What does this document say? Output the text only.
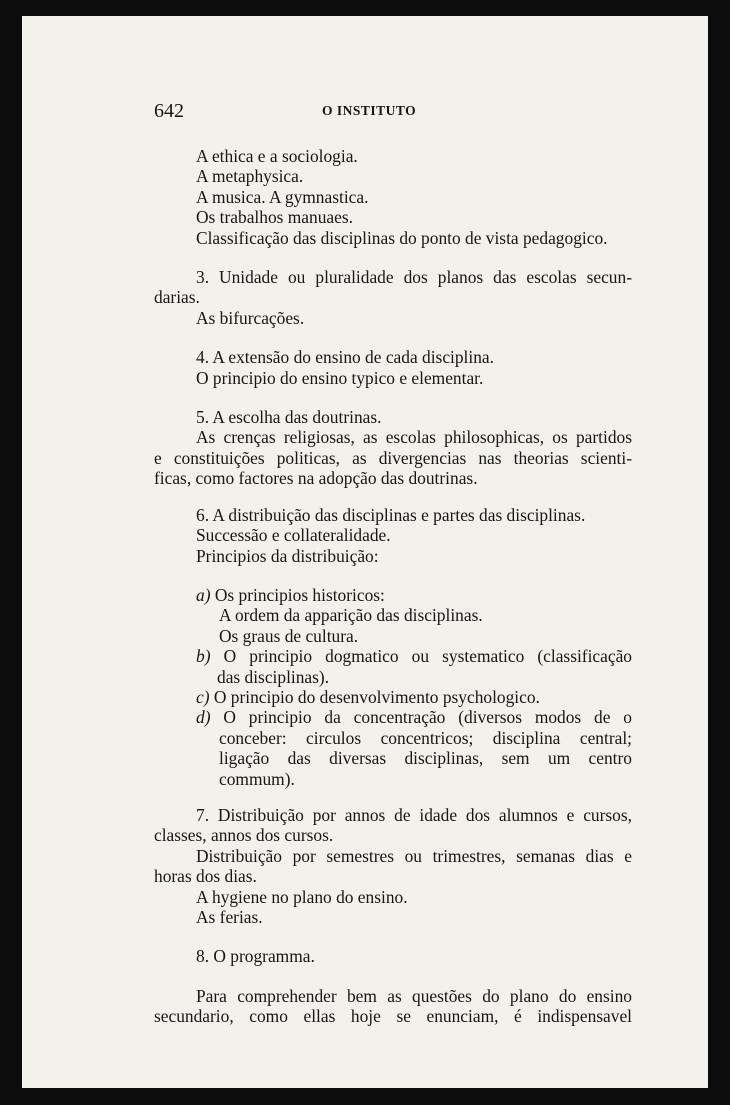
642	O INSTITUTO
A ethica e a sociologia.
A metaphysica.
A musica. A gymnastica.
Os trabalhos manuaes.
Classificação das disciplinas do ponto de vista pedagogico.
3. Unidade ou pluralidade dos planos das escolas secun-
darias.
As bifurcações.
4. A extensão do ensino de cada disciplina.
O principio do ensino typico e elementar.
5. A escolha das doutrinas.
As crenças religiosas, as escolas philosophicas, os partidos
e constituições politicas, as divergencias nas theorias scienti-
ficas, como factores na adopção das doutrinas.
6. A distribuição das disciplinas e partes das disciplinas.
Successão e collateralidade.
Principios da distribuição:
a) Os principios historicos:
A ordem da apparição das disciplinas.
Os graus de cultura.
b) O principio dogmatico ou systematico (classificação
das disciplinas).
c) O principio do desenvolvimento psychologico.
d) O principio da concentração (diversos modos de o
conceber: circulos concentricos; disciplina central;
ligação das diversas disciplinas, sem um centro
commum).
7. Distribuição por annos de idade dos alumnos e cursos,
classes, annos dos cursos.
Distribuição por semestres ou trimestres, semanas dias e
horas dos dias.
A hygiene no plano do ensino.
As ferias.
8. O programma.
Para comprehender bem as questões do plano do ensino
secundario, como ellas hoje se enunciam, é indispensavel
